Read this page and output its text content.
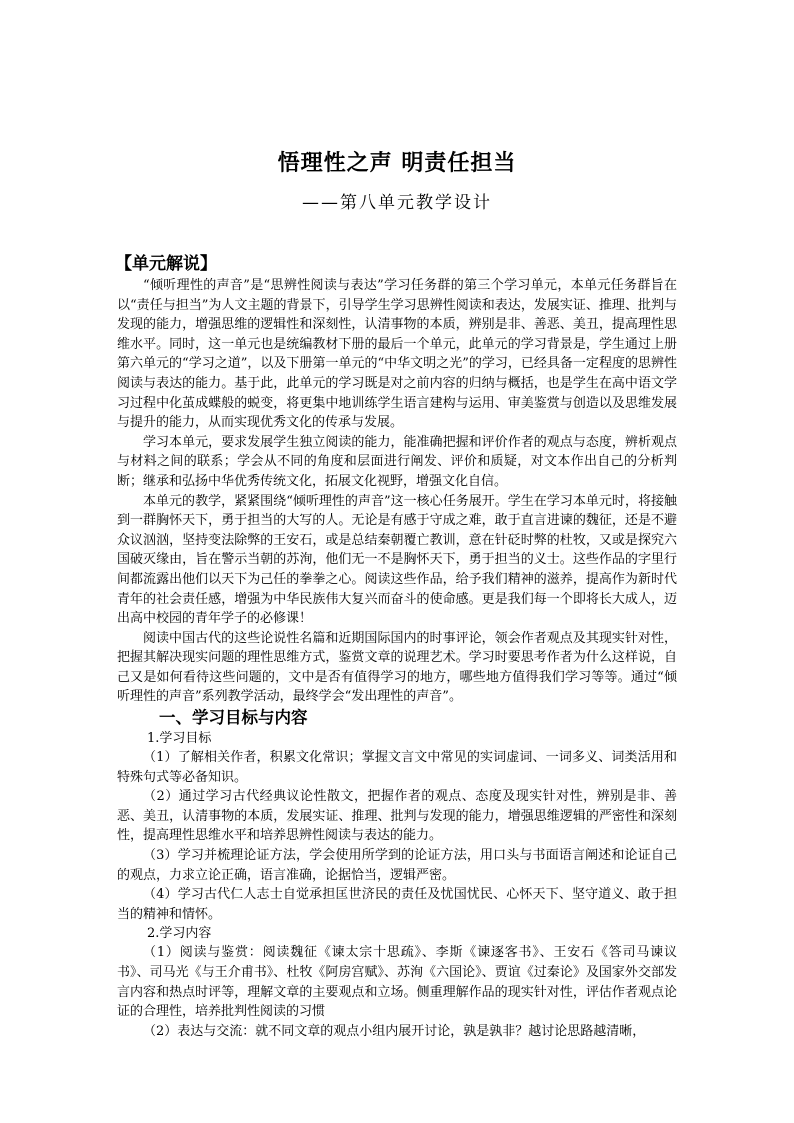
悟理性之声 明责任担当
——第八单元教学设计
【单元解说】

“倾听理性的声音”是“思辨性阅读与表达”学习任务群的第三个学习单元，本单元任务群旨在以“责任与担当”为人文主题的背景下，引导学生学习思辨性阅读和表达，发展实证、推理、批判与发现的能力，增强思维的逻辑性和深刻性，认清事物的本质，辨别是非、善恶、美丑，提高理性思维水平。同时，这一单元也是统编教材下册的最后一个单元，此单元的学习背景是，学生通过上册第六单元的“学习之道”，以及下册第一单元的“中华文明之光”的学习，已经具备一定程度的思辨性阅读与表达的能力。基于此，此单元的学习既是对之前内容的归纳与概括，也是学生在高中语文学习过程中化茧成蝶般的蜕变，将更集中地训练学生语言建构与运用、审美鉴赏与创造以及思维发展与提升的能力，从而实现优秀文化的传承与发展。

学习本单元，要求发展学生独立阅读的能力，能准确把握和评价作者的观点与态度，辨析观点与材料之间的联系；学会从不同的角度和层面进行阐发、评价和质疑，对文本作出自己的分析判断；继承和弘扬中华优秀传统文化，拓展文化视野，增强文化自信。

本单元的教学，紧紧围绕“倾听理性的声音”这一核心任务展开。学生在学习本单元时，将接触到一群胸怀天下，勇于担当的大写的人。无论是有感于守成之难，敢于直言进谏的魏征，还是不避众议汹汹，坚持变法除弊的王安石，或是总结秦朝覆亡教训，意在针砭时弊的杜牧，又或是探究六国破灭缘由，旨在警示当朝的苏洵，他们无一不是胸怀天下，勇于担当的义士。这些作品的字里行间都流露出他们以天下为己任的拳拳之心。阅读这些作品，给予我们精神的滋养，提高作为新时代青年的社会责任感，增强为中华民族伟大复兴而奋斗的使命感。更是我们每一个即将长大成人，迈出高中校园的青年学子的必修课！

阅读中国古代的这些论说性名篇和近期国际国内的时事评论，领会作者观点及其现实针对性，把握其解决现实问题的理性思维方式，鉴赏文章的说理艺术。学习时要思考作者为什么这样说，自己又是如何看待这些问题的，文中是否有值得学习的地方，哪些地方值得我们学习等等。通过“倾听理性的声音”系列教学活动，最终学会“发出理性的声音”。

一、学习目标与内容
1.学习目标

（1）了解相关作者，积累文化常识；掌握文言文中常见的实词虚词、一词多义、词类活用和特殊句式等必备知识。

（2）通过学习古代经典议论性散文，把握作者的观点、态度及现实针对性，辨别是非、善恶、美丑，认清事物的本质，发展实证、推理、批判与发现的能力，增强思维逻辑的严密性和深刻性，提高理性思维水平和培养思辨性阅读与表达的能力。

（3）学习并梳理论证方法，学会使用所学到的论证方法，用口头与书面语言阐述和论证自己的观点，力求立论正确，语言准确，论据恰当，逻辑严密。

（4）学习古代仁人志士自觉承担匡世济民的责任及忧国忧民、心怀天下、坚守道义、敢于担当的精神和情怀。

2.学习内容

（1）阅读与鉴赏：阅读魏征《谏太宗十思疏》、李斯《谏逐客书》、王安石《答司马谏议书》、司马光《与王介甫书》、杜牧《阿房宫赋》、苏洵《六国论》、贾谊《过秦论》及国家外交部发言内容和热点时评等，理解文章的主要观点和立场。侧重理解作品的现实针对性，评估作者观点论证的合理性，培养批判性阅读的习惯

（2）表达与交流：就不同文章的观点小组内展开讨论，孰是孰非？越讨论思路越清晰，
